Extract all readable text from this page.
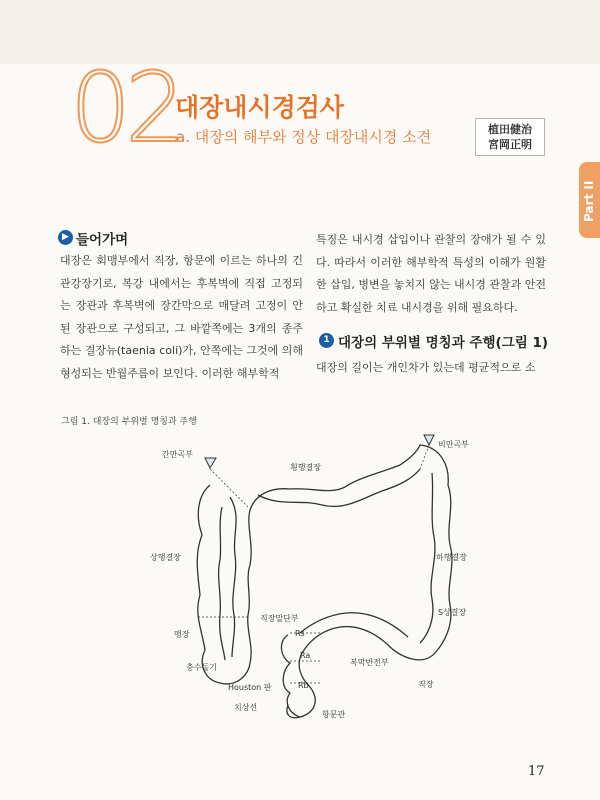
02
대장내시경검사
a. 대장의 해부와 정상 대장내시경 소견	植田健治
宮岡正明
Part II
▶ 들어가며
대장은 회맹부에서 직장, 항문에 이르는 하나의 긴 관강장기로, 복강 내에서는 후복벽에 직접 고정되는 장관과 후복벽에 장간막으로 매달려 고정이 안된 장관으로 구성되고, 그 바깥쪽에는 3개의 종주하는 결장뉴(taenia coli)가, 안쪽에는 그것에 의해 형성되는 반월주름이 보인다. 이러한 해부학적
특징은 내시경 삽입이나 관찰의 장애가 될 수 있다. 따라서 이러한 해부학적 특성의 이해가 원활한 삽입, 병변을 놓치지 않는 내시경 관찰과 안전하고 확실한 치료 내시경을 위해 필요하다.
1 대장의 부위별 명칭과 주행(그림 1)
대장의 길이는 개인차가 있는데 평균적으로 소
그림 1. 대장의 부위별 명칭과 주행
간만곡부
횡행결장
비만곡부
상행결장	하행결장
직장말단부
S상결장
맹장
충수돌기
Rs
Ra
복막반전부
Houston 판	Rb	직장
치상선
항문관
17
